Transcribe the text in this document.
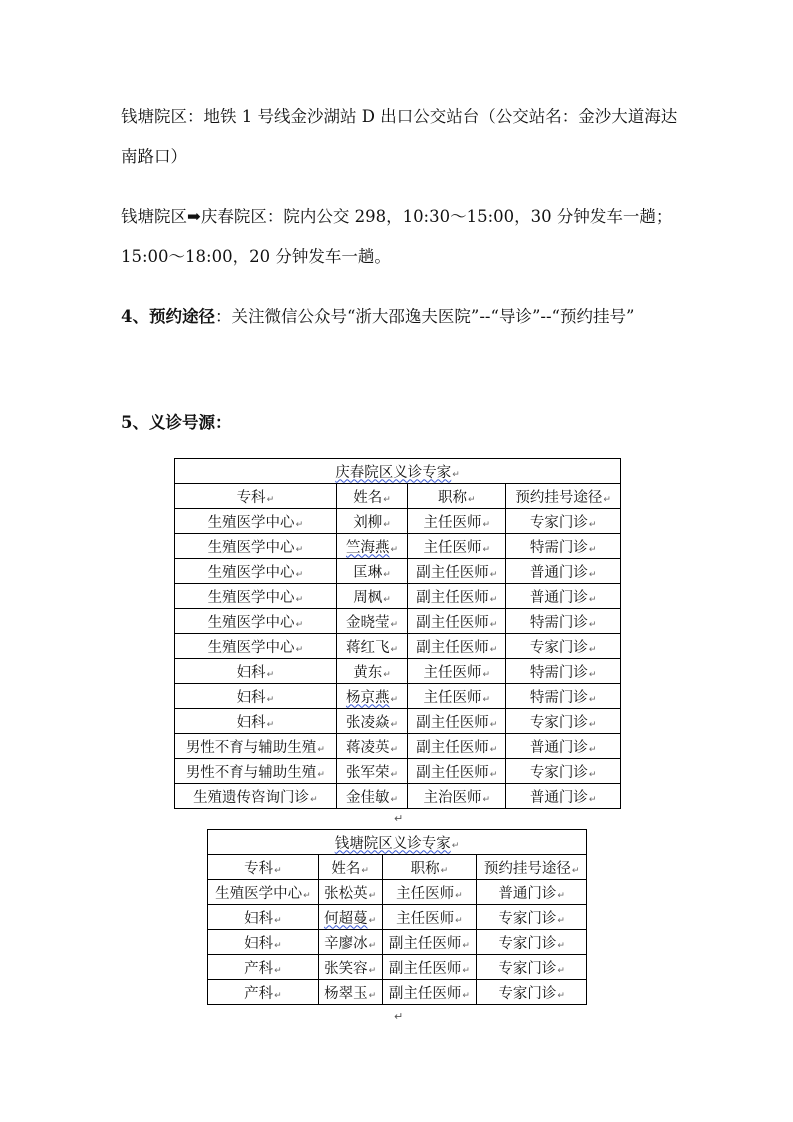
钱塘院区：地铁 1 号线金沙湖站 D 出口公交站台（公交站名：金沙大道海达南路口）

钱塘院区➡庆春院区：院内公交 298，10:30～15:00，30 分钟发车一趟；15:00～18:00，20 分钟发车一趟。

4、预约途径：关注微信公众号“浙大邵逸夫医院”--“导诊”--“预约挂号”

5、义诊号源：

庆春院区义诊专家↵			
专科↵	姓名↵	职称↵	预约挂号途径↵
生殖医学中心↵	刘柳↵	主任医师↵	专家门诊↵
生殖医学中心↵	竺海燕↵	主任医师↵	特需门诊↵
生殖医学中心↵	匡琳↵	副主任医师↵	普通门诊↵
生殖医学中心↵	周枫↵	副主任医师↵	普通门诊↵
生殖医学中心↵	金晓莹↵	副主任医师↵	特需门诊↵
生殖医学中心↵	蒋红飞↵	副主任医师↵	专家门诊↵
妇科↵	黄东↵	主任医师↵	特需门诊↵
妇科↵	杨京燕↵	主任医师↵	特需门诊↵
妇科↵	张凌焱↵	副主任医师↵	专家门诊↵
男性不育与辅助生殖↵	蒋凌英↵	副主任医师↵	普通门诊↵
男性不育与辅助生殖↵	张军荣↵	副主任医师↵	专家门诊↵
生殖遗传咨询门诊↵	金佳敏↵	主治医师↵	普通门诊↵
钱塘院区义诊专家↵			
专科↵	姓名↵	职称↵	预约挂号途径↵
生殖医学中心↵	张松英↵	主任医师↵	普通门诊↵
妇科↵	何超蔓↵	主任医师↵	专家门诊↵
妇科↵	辛廖冰↵	副主任医师↵	专家门诊↵
产科↵	张笑容↵	副主任医师↵	专家门诊↵
产科↵	杨翠玉↵	副主任医师↵	专家门诊↵
↵
↵
